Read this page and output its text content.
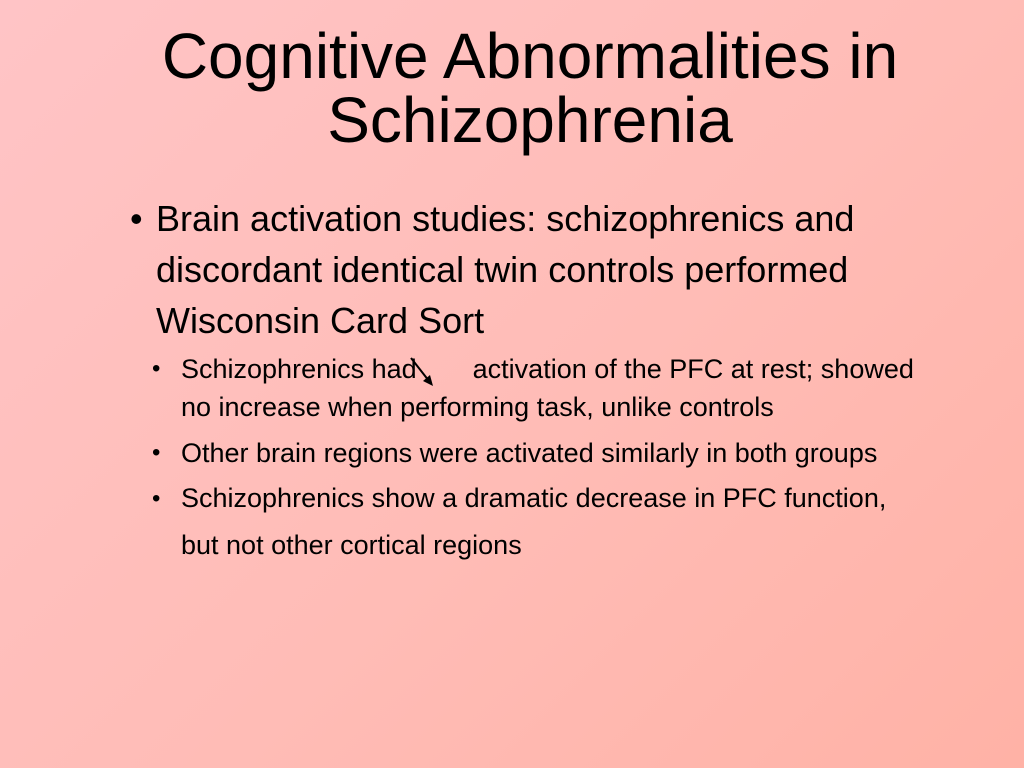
Cognitive Abnormalities in
Schizophrenia
• Brain activation studies: schizophrenics and discordant identical twin controls performed Wisconsin Card Sort
• Schizophrenics had activation of the PFC at rest; showed no increase when performing task, unlike controls
• Other brain regions were activated similarly in both groups
• Schizophrenics show a dramatic decrease in PFC function, but not other cortical regions
